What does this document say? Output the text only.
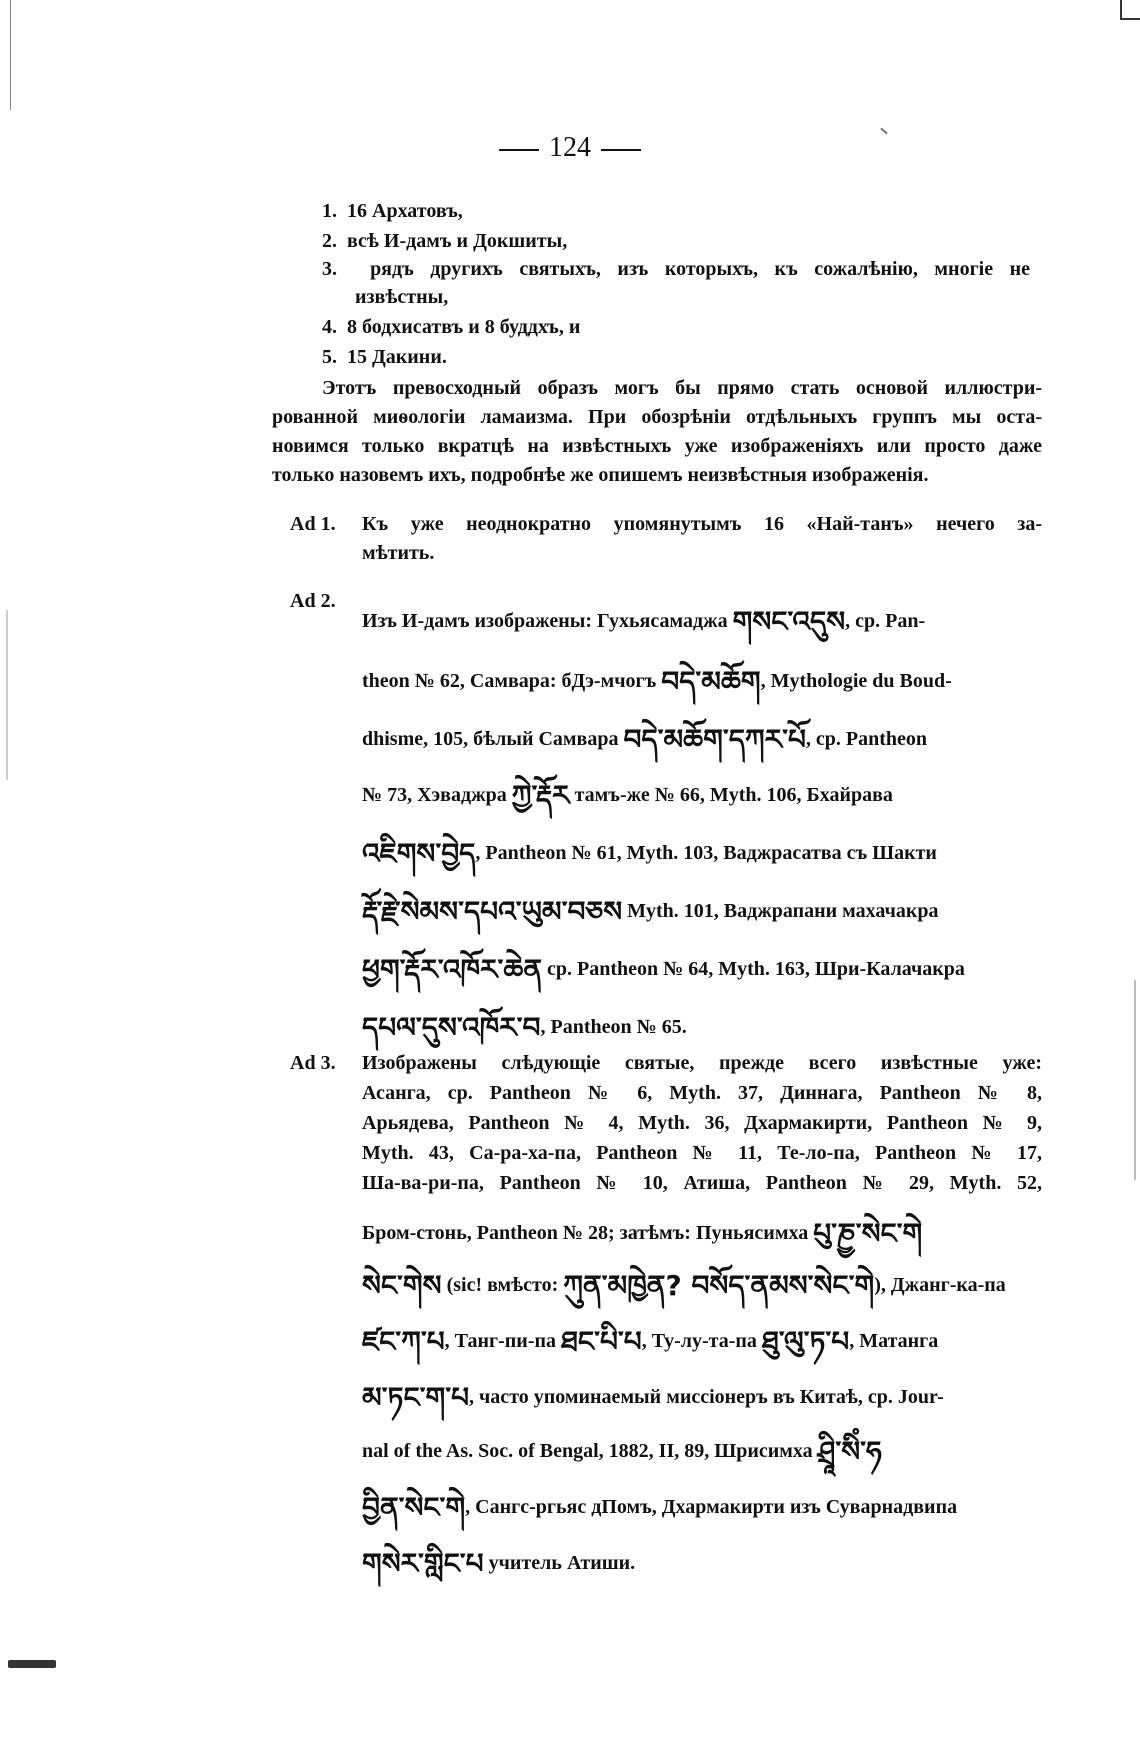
124
1. 16 Архатовъ,
2. всѣ И-дамъ и Докшиты,
3. рядъ другихъ святыхъ, изъ которыхъ, къ сожалѣнію, многіе не
извѣстны,
4. 8 бодхисатвъ и 8 буддхъ, и
5. 15 Дакини.
Этотъ превосходный образъ могъ бы прямо стать основой иллюстри-
рованной миѳологіи ламаизма. При обозрѣніи отдѣльныхъ группъ мы оста-
новимся только вкратцѣ на извѣстныхъ уже изображеніяхъ или просто даже
только назовемъ ихъ, подробнѣе же опишемъ неизвѣстныя изображенія.
Ad 1. Къ уже неоднократно упомянутымъ 16 «Най-танъ» нечего за-
мѣтить.
Ad 2.
Изъ И-дамъ изображены: Гухьясамаджа གསང་འདུས, ср. Pan-
theon № 62, Самвара: бДэ-мчогъ བདེ་མཆོག, Mythologie du Boud-
dhisme, 105, бѣлый Самвара བདེ་མཆོག་དཀར་པོ, ср. Pantheon
№ 73, Хэваджра ཀྱེ་རྡོར тамъ-же № 66, Myth. 106, Бхайрава
འཇིགས་བྱེད, Pantheon № 61, Myth. 103, Ваджрасатва съ Шакти
རྡོ་རྗེ་སེམས་དཔའ་ཡུམ་བཅས Myth. 101, Ваджрапани махачакра
ཕྱག་རྡོར་འཁོར་ཆེན ср. Pantheon № 64, Myth. 163, Шри-Калачакра
དཔལ་དུས་འཁོར་བ, Pantheon № 65.
Ad 3. Изображены слѣдующіе святые, прежде всего извѣстные уже:
Асанга, ср. Pantheon № 6, Myth. 37, Диннага, Pantheon № 8,
Арьядева, Pantheon № 4, Myth. 36, Дхармакирти, Pantheon № 9,
Myth. 43, Са-ра-ха-па, Pantheon № 11, Те-ло-па, Pantheon № 17,
Ша-ва-ри-па, Pantheon № 10, Атиша, Pantheon № 29, Myth. 52,
Бром-стонь, Pantheon № 28; затѣмъ: Пуньясимха པུ་ཎྱ་སེང་གེ
སེང་གེས (sic! вмѣсто: ཀུན་མཁྱེན? བསོད་ནམས་སེང་གེ), Джанг-ка-па
ཛང་ཀ་པ, Танг-пи-па ཐང་པི་པ, Ту-лу-та-па ཐུ་ལུ་ཏ་པ, Матанга
མ་ཏང་ག་པ, часто упоминаемый миссіонеръ въ Китаѣ, ср. Jour-
nal of the As. Soc. of Bengal, 1882, II, 89, Шрисимха ཤྲཱི་སིཾ་ཧ
བྱིན་སེང་གེ, Сангс-ргьяс дПомъ, Дхармакирти изъ Суварнадвипа
གསེར་གླིང་པ учитель Атиши.
